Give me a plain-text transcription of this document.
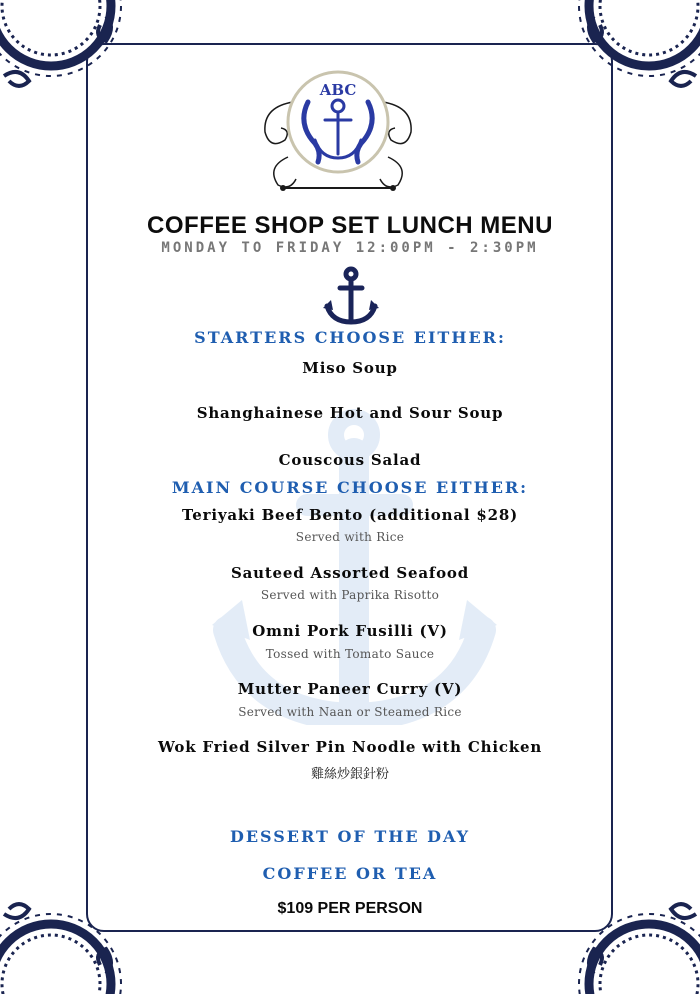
ABC
COFFEE SHOP SET LUNCH MENU
MONDAY TO FRIDAY 12:00PM - 2:30PM
STARTERS CHOOSE EITHER:
Miso Soup
Shanghainese Hot and Sour Soup
Couscous Salad
MAIN COURSE CHOOSE EITHER:
Teriyaki Beef Bento (additional $28)
Served with Rice
Sauteed Assorted Seafood
Served with Paprika Risotto
Omni Pork Fusilli (V)
Tossed with Tomato Sauce
Mutter Paneer Curry (V)
Served with Naan or Steamed Rice
Wok Fried Silver Pin Noodle with Chicken
雞絲炒銀針粉
DESSERT OF THE DAY
COFFEE OR TEA
$109 PER PERSON
